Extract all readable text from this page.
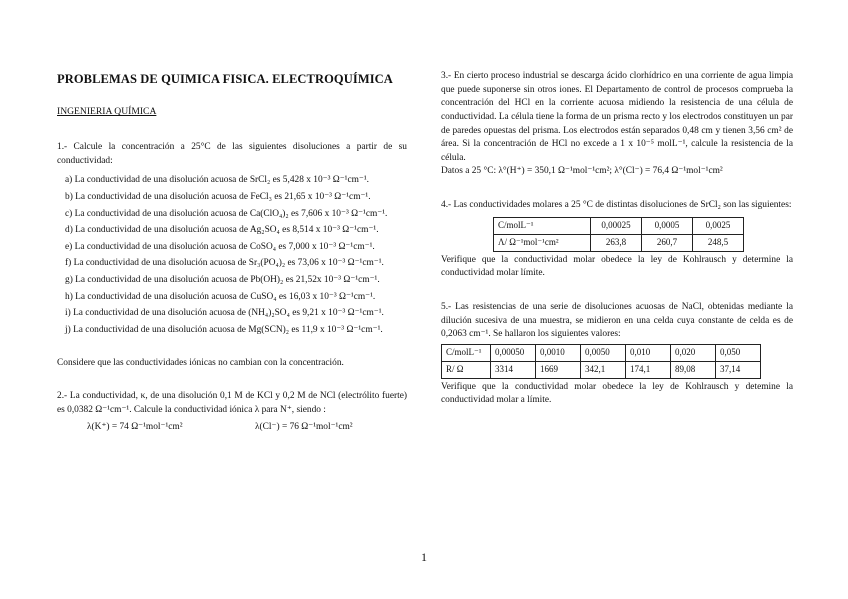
PROBLEMAS DE QUIMICA FISICA. ELECTROQUÍMICA
INGENIERIA QUÍMICA

1.- Calcule la concentración a 25°C de las siguientes disoluciones a partir de su conductividad:

a) La conductividad de una disolución acuosa de SrCl₂ es 5,428 x 10⁻³ Ω⁻¹cm⁻¹.
b) La conductividad de una disolución acuosa de FeCl₃ es 21,65 x 10⁻³ Ω⁻¹cm⁻¹.
c) La conductividad de una disolución acuosa de Ca(ClO₄)₂ es 7,606 x 10⁻³ Ω⁻¹cm⁻¹.
d) La conductividad de una disolución acuosa de Ag₂SO₄ es 8,514 x 10⁻³ Ω⁻¹cm⁻¹.
e) La conductividad de una disolución acuosa de CoSO₄ es 7,000 x 10⁻³ Ω⁻¹cm⁻¹.
f) La conductividad de una disolución acuosa de Sr₃(PO₄)₂ es 73,06 x 10⁻³ Ω⁻¹cm⁻¹.
g) La conductividad de una disolución acuosa de Pb(OH)₂ es 21,52x 10⁻³ Ω⁻¹cm⁻¹.
h) La conductividad de una disolución acuosa de CuSO₄ es 16,03 x 10⁻³ Ω⁻¹cm⁻¹.
i) La conductividad de una disolución acuosa de (NH₄)₂SO₄ es 9,21 x 10⁻³ Ω⁻¹cm⁻¹.
j) La conductividad de una disolución acuosa de Mg(SCN)₂ es 11,9 x 10⁻³ Ω⁻¹cm⁻¹.

Considere que las conductividades iónicas no cambian con la concentración.

2.- La conductividad, κ, de una disolución 0,1 M de KCl y 0,2 M de NCl (electrólito fuerte) es 0,0382 Ω⁻¹cm⁻¹. Calcule la conductividad iónica λ para N⁺, siendo :

λ(K⁺) = 74 Ω⁻¹mol⁻¹cm²	λ(Cl⁻) = 76 Ω⁻¹mol⁻¹cm²

3.- En cierto proceso industrial se descarga ácido clorhídrico en una corriente de agua limpia que puede suponerse sin otros iones. El Departamento de control de procesos comprueba la concentración del HCl en la corriente acuosa midiendo la resistencia de una célula de conductividad. La célula tiene la forma de un prisma recto y los electrodos constituyen un par de paredes opuestas del prisma. Los electrodos están separados 0,48 cm y tienen 3,56 cm² de área. Si la concentración de HCl no excede a 1 x 10⁻⁵ molL⁻¹, calcule la resistencia de la célula.

Datos a 25 °C: λ°(H⁺) = 350,1 Ω⁻¹mol⁻¹cm²; λ°(Cl⁻) = 76,4 Ω⁻¹mol⁻¹cm²

4.- Las conductividades molares a 25 °C de distintas disoluciones de SrCl₂ son las siguientes:

C/molL⁻¹	0,00025	0,0005	0,0025
Λ/ Ω⁻¹mol⁻¹cm²	263,8	260,7	248,5

Verifique que la conductividad molar obedece la ley de Kohlrausch y determine la conductividad molar límite.

5.- Las resistencias de una serie de disoluciones acuosas de NaCl, obtenidas mediante la dilución sucesiva de una muestra, se midieron en una celda cuya constante de celda es de 0,2063 cm⁻¹. Se hallaron los siguientes valores:

C/molL⁻¹	0,00050	0,0010	0,0050	0,010	0,020	0,050
R/ Ω	3314	1669	342,1	174,1	89,08	37,14

Verifique que la conductividad molar obedece la ley de Kohlrausch y detemine la conductividad molar a límite.

1
